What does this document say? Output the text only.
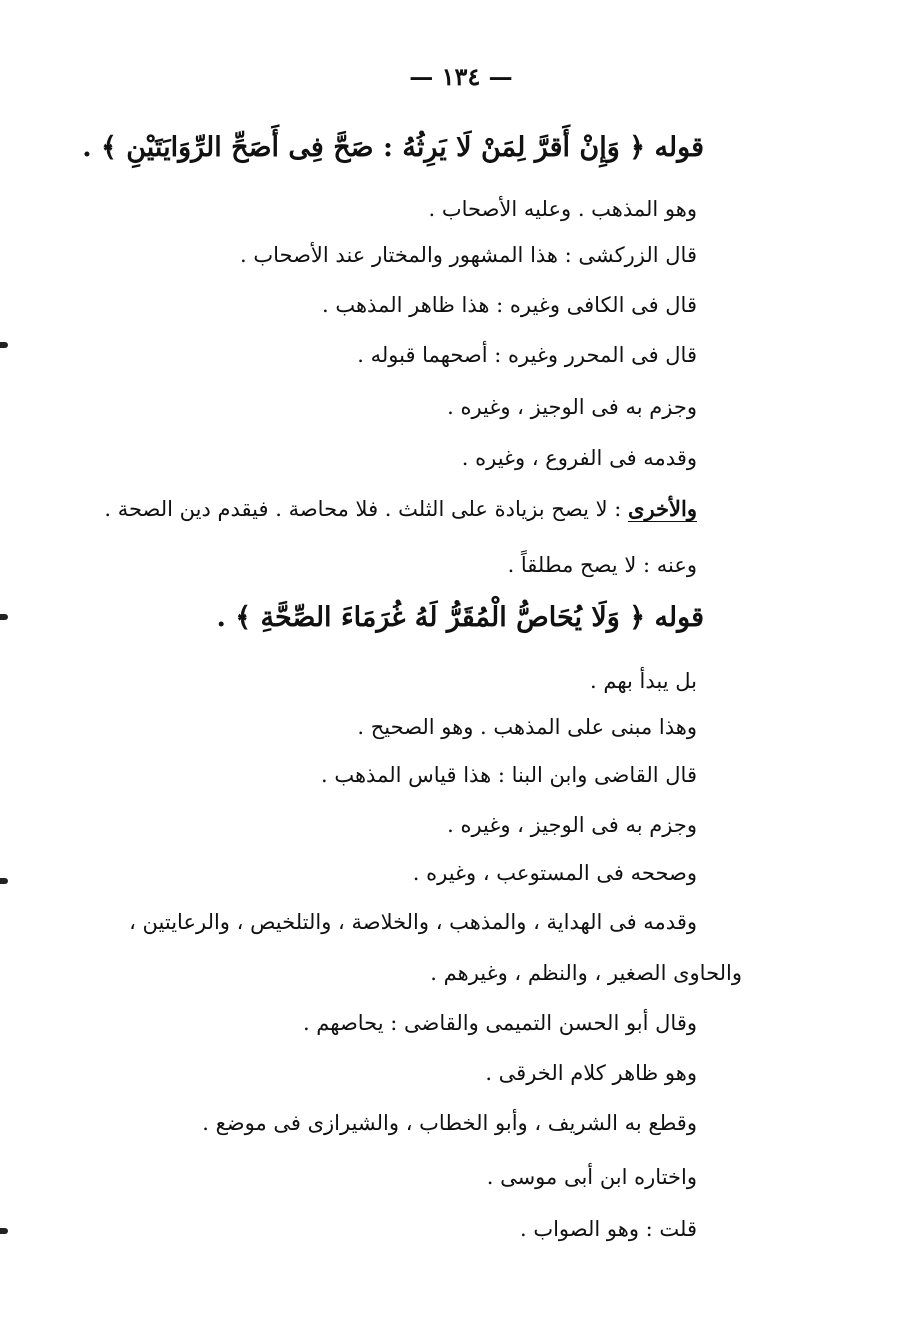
— ١٣٤ —
قوله ﴿ وَإِنْ أَقرَّ لِمَنْ لَا يَرِثُهُ : صَحَّ فِى أَصَحِّ الرِّوَايَتَيْنِ ﴾ .
وهو المذهب . وعليه الأصحاب .
قال الزركشى : هذا المشهور والمختار عند الأصحاب .
قال فى الكافى وغيره : هذا ظاهر المذهب .
قال فى المحرر وغيره : أصحهما قبوله .
وجزم به فى الوجيز ، وغيره .
وقدمه فى الفروع ، وغيره .
والأخرى : لا يصح بزيادة على الثلث . فلا محاصة . فيقدم دين الصحة .
وعنه : لا يصح مطلقاً .
قوله ﴿ وَلَا يُحَاصُّ الْمُقَرُّ لَهُ غُرَمَاءَ الصِّحَّةِ ﴾ .
بل يبدأ بهم .
وهذا مبنى على المذهب . وهو الصحيح .
قال القاضى وابن البنا : هذا قياس المذهب .
وجزم به فى الوجيز ، وغيره .
وصححه فى المستوعب ، وغيره .
وقدمه فى الهداية ، والمذهب ، والخلاصة ، والتلخيص ، والرعايتين ،
والحاوى الصغير ، والنظم ، وغيرهم .
وقال أبو الحسن التميمى والقاضى : يحاصهم .
وهو ظاهر كلام الخرقى .
وقطع به الشريف ، وأبو الخطاب ، والشيرازى فى موضع .
واختاره ابن أبى موسى .
قلت : وهو الصواب .
